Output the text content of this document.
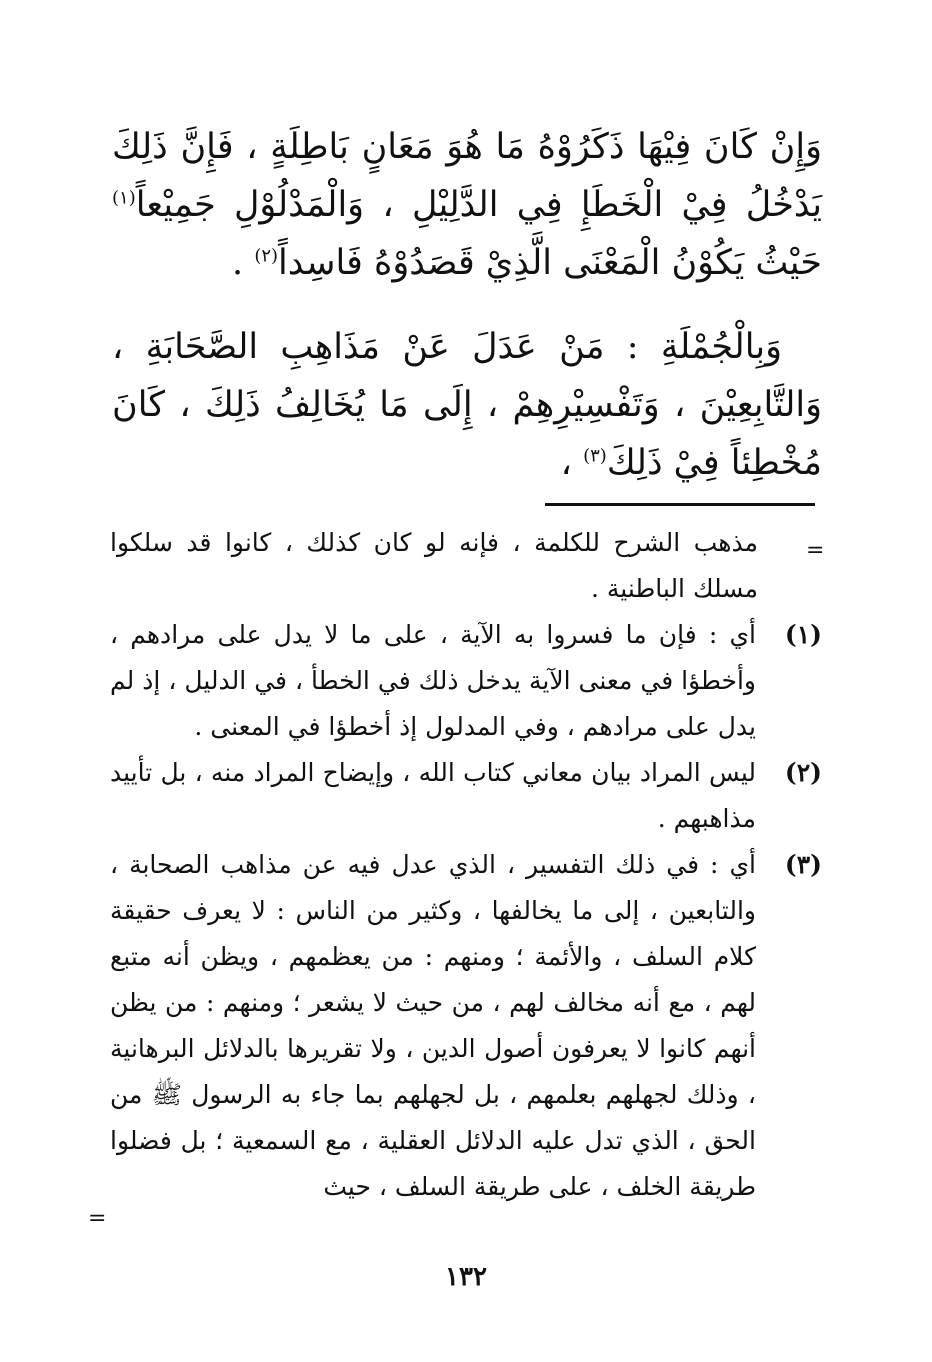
وَإِنْ كَانَ فِيْهَا ذَكَرُوْهُ مَا هُوَ مَعَانٍ بَاطِلَةٍ ، فَإِنَّ ذَلِكَ يَدْخُلُ فِيْ الْخَطَإِ فِي الدَّلِيْلِ ، وَالْمَدْلُوْلِ جَمِيْعاً$^{(١)}$ حَيْثُ يَكُوْنُ الْمَعْنَى الَّذِيْ قَصَدُوْهُ فَاسِداً$^{(٢)}$ .

وَبِالْجُمْلَةِ : مَنْ عَدَلَ عَنْ مَذَاهِبِ الصَّحَابَةِ ، وَالتَّابِعِيْنَ ، وَتَفْسِيْرِهِمْ ، إِلَى مَا يُخَالِفُ ذَلِكَ ، كَانَ مُخْطِئاً فِيْ ذَلِكَ$^{(٣)}$ ،

=

مذهب الشرح للكلمة ، فإنه لو كان كذلك ، كانوا قد سلكوا مسلك الباطنية .

(١)
أي : فإن ما فسروا به الآية ، على ما لا يدل على مرادهم ، وأخطؤا في معنى الآية يدخل ذلك في الخطأ ، في الدليل ، إذ لم يدل على مرادهم ، وفي المدلول إذ أخطؤا في المعنى .
(٢)
ليس المراد بيان معاني كتاب الله ، وإيضاح المراد منه ، بل تأييد مذاهبهم .
(٣)
أي : في ذلك التفسير ، الذي عدل فيه عن مذاهب الصحابة ، والتابعين ، إلى ما يخالفها ، وكثير من الناس : لا يعرف حقيقة كلام السلف ، والأئمة ؛ ومنهم : من يعظمهم ، ويظن أنه متبع لهم ، مع أنه مخالف لهم ، من حيث لا يشعر ؛ ومنهم : من يظن أنهم كانوا لا يعرفون أصول الدين ، ولا تقريرها بالدلائل البرهانية ، وذلك لجهلهم بعلمهم ، بل لجهلهم بما جاء به الرسول ﷺ من الحق ، الذي تدل عليه الدلائل العقلية ، مع السمعية ؛ بل فضلوا طريقة الخلف ، على طريقة السلف ، حيث
=
١٣٢
